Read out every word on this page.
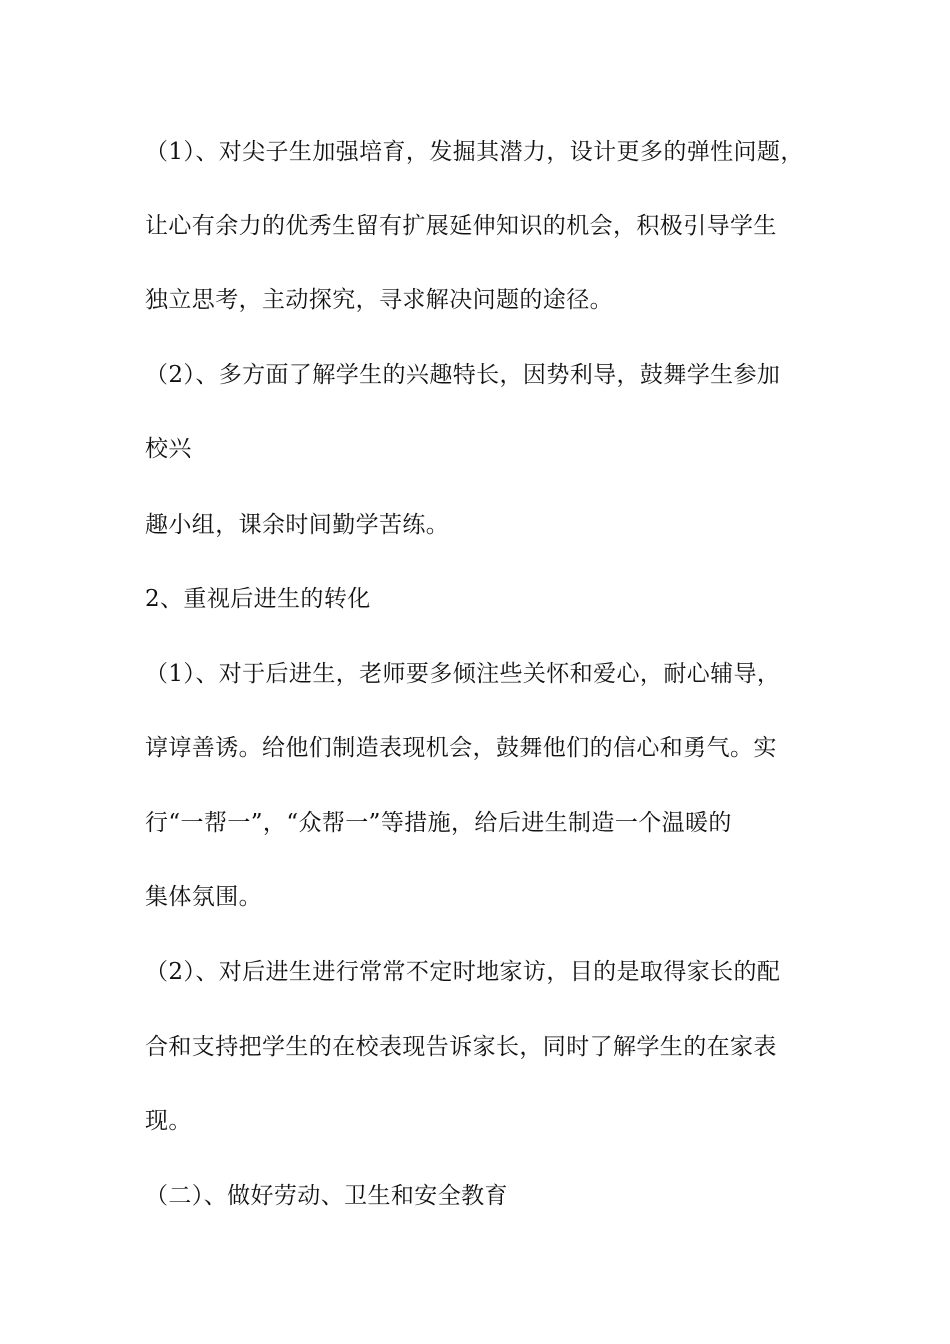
（1）、对尖子生加强培育，发掘其潜力，设计更多的弹性问题，
让心有余力的优秀生留有扩展延伸知识的机会，积极引导学生
独立思考，主动探究，寻求解决问题的途径。
（2）、多方面了解学生的兴趣特长，因势利导，鼓舞学生参加
校兴
趣小组，课余时间勤学苦练。
2、重视后进生的转化
（1）、对于后进生，老师要多倾注些关怀和爱心，耐心辅导，
谆谆善诱。给他们制造表现机会，鼓舞他们的信心和勇气。实
行“一帮一”，“众帮一”等措施，给后进生制造一个温暖的
集体氛围。
（2）、对后进生进行常常不定时地家访，目的是取得家长的配
合和支持把学生的在校表现告诉家长，同时了解学生的在家表
现。
（二）、做好劳动、卫生和安全教育
